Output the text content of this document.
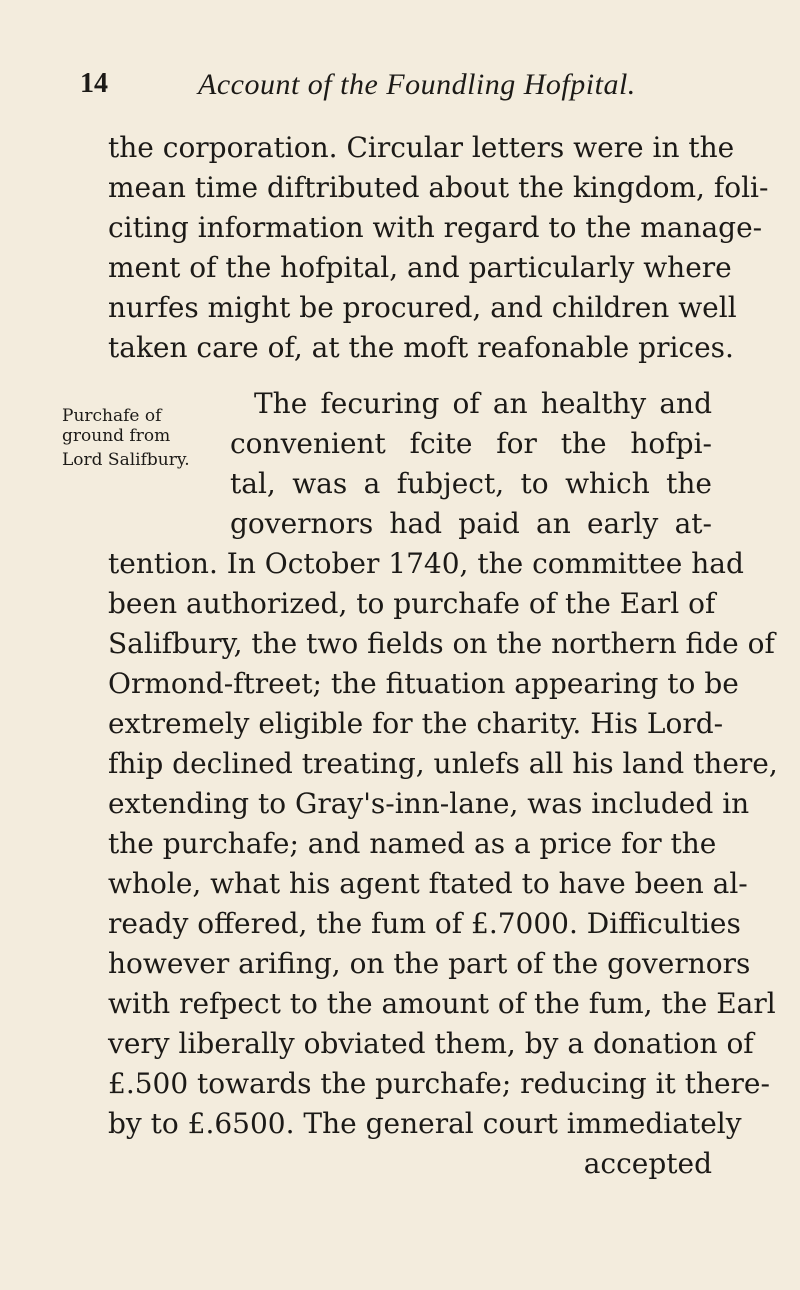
14	Account of the Foundling Hofpital.
the corporation. Circular letters were in the
mean time diftributed about the kingdom, foli-
citing information with regard to the manage-
ment of the hofpital, and particularly where
nurfes might be procured, and children well
taken care of, at the moft reafonable prices.
Purchafe of
ground from
Lord Salifbury.
The fecuring of an healthy and
convenient fcite for the hofpi-
tal, was a fubject, to which the
governors had paid an early at-
tention. In October 1740, the committee had
been authorized, to purchafe of the Earl of
Salifbury, the two fields on the northern fide of
Ormond-ftreet; the fituation appearing to be
extremely eligible for the charity. His Lord-
fhip declined treating, unlefs all his land there,
extending to Gray's-inn-lane, was included in
the purchafe; and named as a price for the
whole, what his agent ftated to have been al-
ready offered, the fum of £.7000. Difficulties
however arifing, on the part of the governors
with refpect to the amount of the fum, the Earl
very liberally obviated them, by a donation of
£.500 towards the purchafe; reducing it there-
by to £.6500. The general court immediately
accepted
